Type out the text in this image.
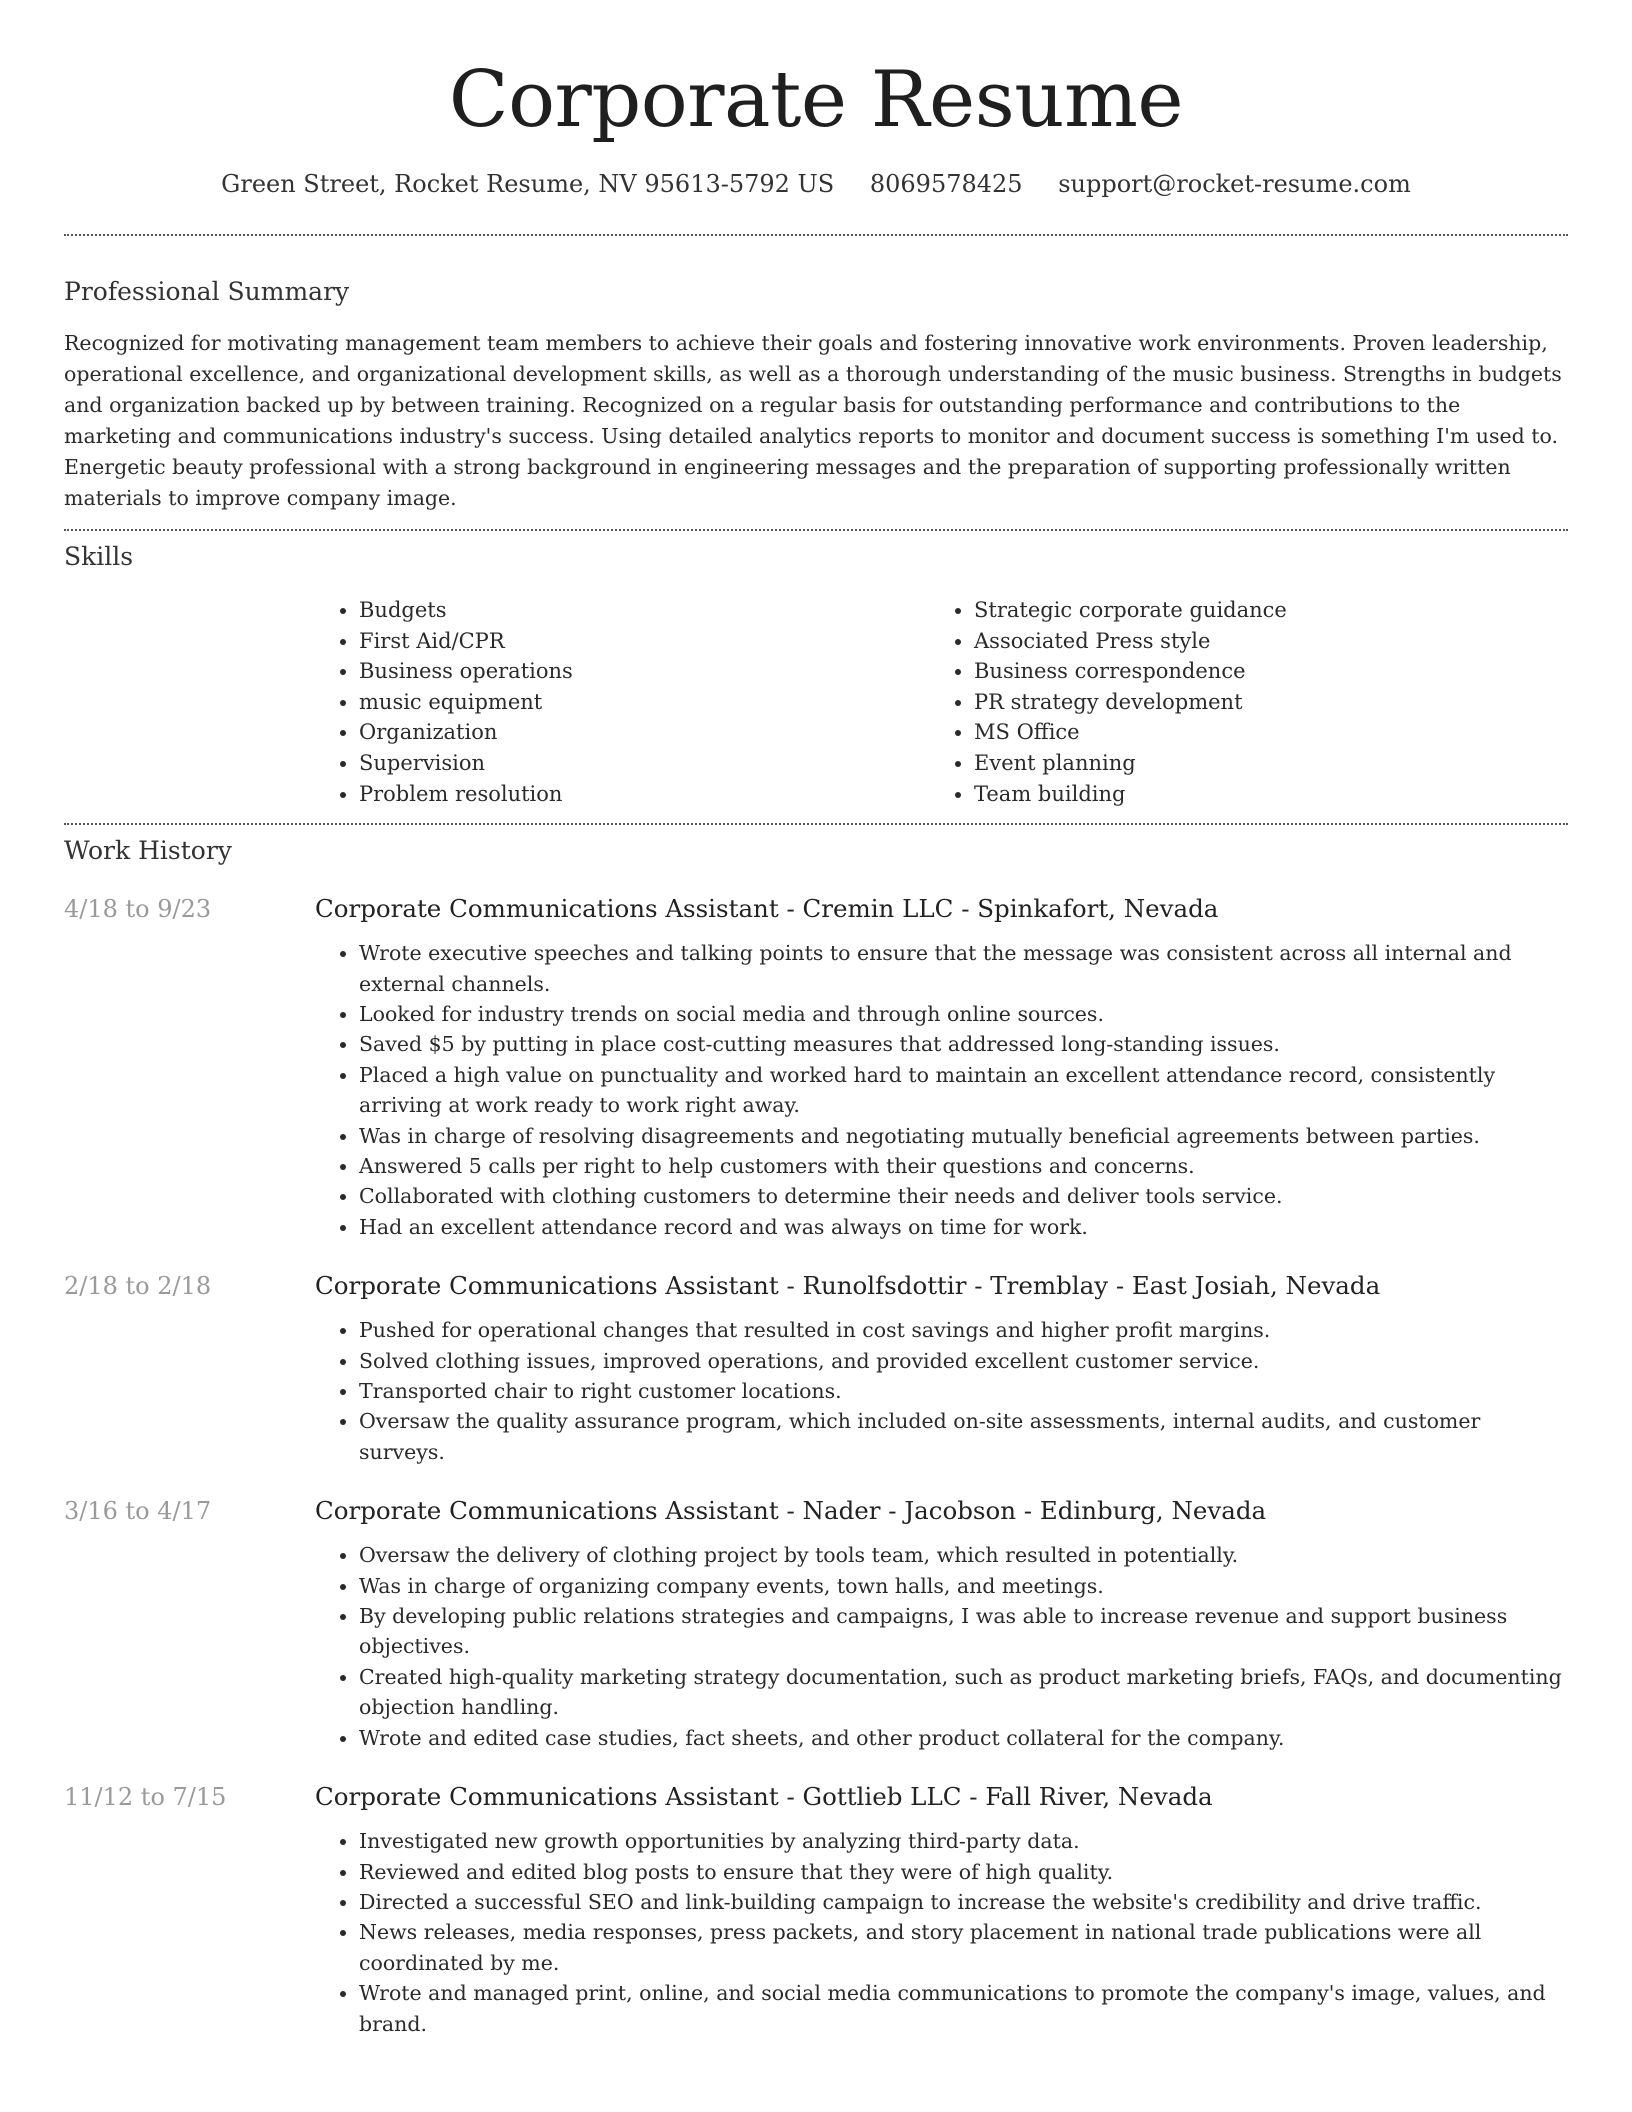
Corporate Resume
Green Street, Rocket Resume, NV 95613-5792 US 8069578425 support@rocket-resume.com
Professional Summary

Recognized for motivating management team members to achieve their goals and fostering innovative work environments. Proven leadership, operational excellence, and organizational development skills, as well as a thorough understanding of the music business. Strengths in budgets and organization backed up by between training. Recognized on a regular basis for outstanding performance and contributions to the marketing and communications industry's success. Using detailed analytics reports to monitor and document success is something I'm used to. Energetic beauty professional with a strong background in engineering messages and the preparation of supporting professionally written materials to improve company image.

Skills
• Budgets
• First Aid/CPR
• Business operations
• music equipment
• Organization
• Supervision
• Problem resolution
• Strategic corporate guidance
• Associated Press style
• Business correspondence
• PR strategy development
• MS Office
• Event planning
• Team building
Work History
4/18 to 9/23	Corporate Communications Assistant - Cremin LLC - Spinkafort, Nevada
• Wrote executive speeches and talking points to ensure that the message was consistent across all internal and external channels.
• Looked for industry trends on social media and through online sources.
• Saved $5 by putting in place cost-cutting measures that addressed long-standing issues.
• Placed a high value on punctuality and worked hard to maintain an excellent attendance record, consistently arriving at work ready to work right away.
• Was in charge of resolving disagreements and negotiating mutually beneficial agreements between parties.
• Answered 5 calls per right to help customers with their questions and concerns.
• Collaborated with clothing customers to determine their needs and deliver tools service.
• Had an excellent attendance record and was always on time for work.
2/18 to 2/18	Corporate Communications Assistant - Runolfsdottir - Tremblay - East Josiah, Nevada
• Pushed for operational changes that resulted in cost savings and higher profit margins.
• Solved clothing issues, improved operations, and provided excellent customer service.
• Transported chair to right customer locations.
• Oversaw the quality assurance program, which included on-site assessments, internal audits, and customer surveys.
3/16 to 4/17	Corporate Communications Assistant - Nader - Jacobson - Edinburg, Nevada
• Oversaw the delivery of clothing project by tools team, which resulted in potentially.
• Was in charge of organizing company events, town halls, and meetings.
• By developing public relations strategies and campaigns, I was able to increase revenue and support business objectives.
• Created high-quality marketing strategy documentation, such as product marketing briefs, FAQs, and documenting objection handling.
• Wrote and edited case studies, fact sheets, and other product collateral for the company.
11/12 to 7/15	Corporate Communications Assistant - Gottlieb LLC - Fall River, Nevada
• Investigated new growth opportunities by analyzing third-party data.
• Reviewed and edited blog posts to ensure that they were of high quality.
• Directed a successful SEO and link-building campaign to increase the website's credibility and drive traffic.
• News releases, media responses, press packets, and story placement in national trade publications were all coordinated by me.
• Wrote and managed print, online, and social media communications to promote the company's image, values, and brand.
